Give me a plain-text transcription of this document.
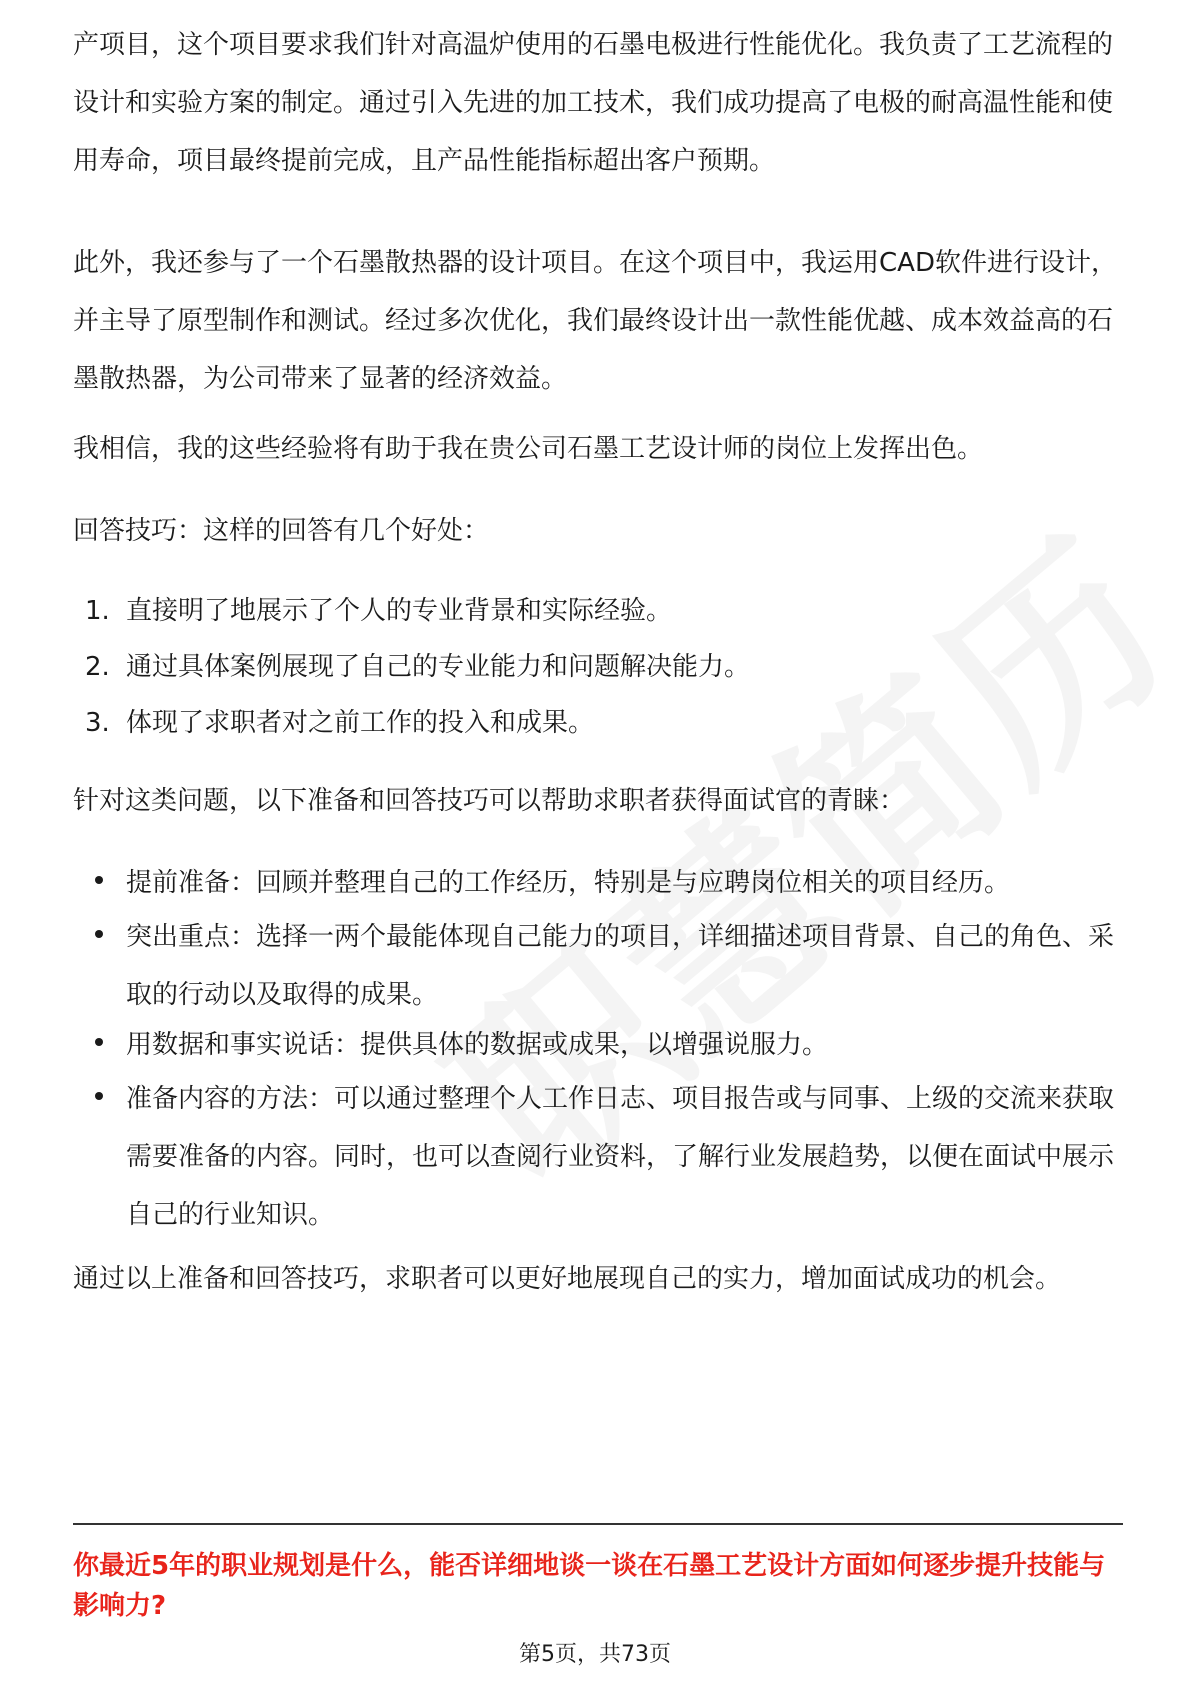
产项目，这个项目要求我们针对高温炉使用的石墨电极进行性能优化。我负责了工艺流程的设计和实验方案的制定。通过引入先进的加工技术，我们成功提高了电极的耐高温性能和使用寿命，项目最终提前完成，且产品性能指标超出客户预期。

此外，我还参与了一个石墨散热器的设计项目。在这个项目中，我运用CAD软件进行设计，并主导了原型制作和测试。经过多次优化，我们最终设计出一款性能优越、成本效益高的石墨散热器，为公司带来了显著的经济效益。

我相信，我的这些经验将有助于我在贵公司石墨工艺设计师的岗位上发挥出色。

回答技巧：这样的回答有几个好处：

1. 直接明了地展示了个人的专业背景和实际经验。
2. 通过具体案例展现了自己的专业能力和问题解决能力。
3. 体现了求职者对之前工作的投入和成果。

针对这类问题，以下准备和回答技巧可以帮助求职者获得面试官的青睐：

提前准备：回顾并整理自己的工作经历，特别是与应聘岗位相关的项目经历。
突出重点：选择一两个最能体现自己能力的项目，详细描述项目背景、自己的角色、采取的行动以及取得的成果。
用数据和事实说话：提供具体的数据或成果，以增强说服力。
准备内容的方法：可以通过整理个人工作日志、项目报告或与同事、上级的交流来获取需要准备的内容。同时，也可以查阅行业资料，了解行业发展趋势，以便在面试中展示自己的行业知识。

通过以上准备和回答技巧，求职者可以更好地展现自己的实力，增加面试成功的机会。

你最近5年的职业规划是什么，能否详细地谈一谈在石墨工艺设计方面如何逐步提升技能与影响力?
第5页，共73页
